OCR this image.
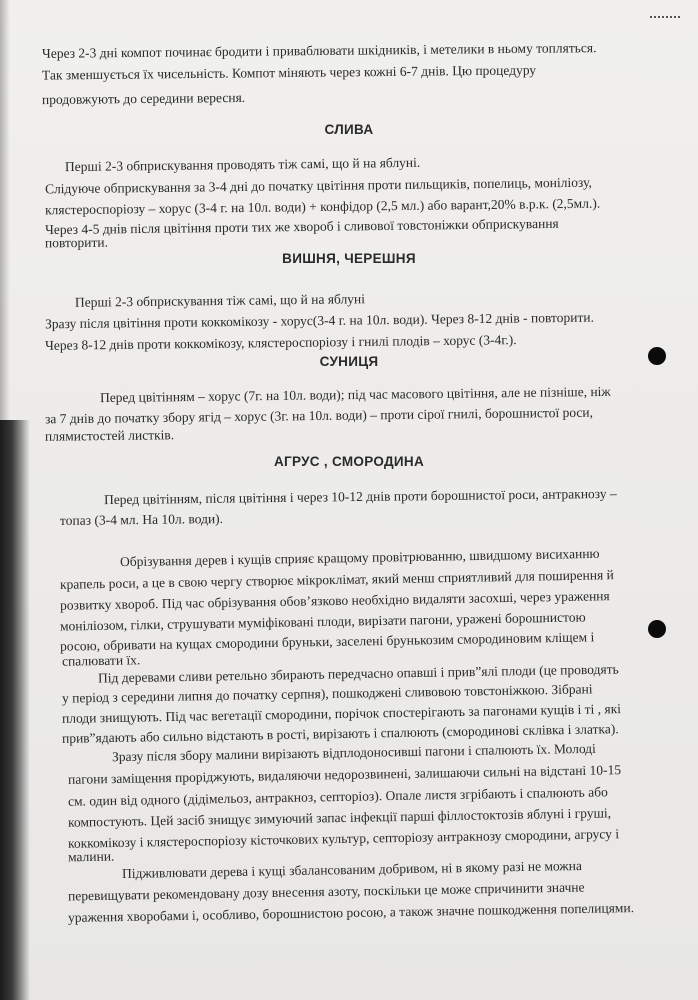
Через 2-3 дні компот починає бродити і приваблювати шкідників, і метелики в ньому топляться.
Так зменшується їх чисельність. Компот міняють через кожні 6-7 днів. Цю процедуру
продовжують до середини вересня.
СЛИВА
Перші 2-3 обприскування проводять тіж самі, що й на яблуні.
Слідуюче обприскування за 3-4 дні до початку цвітіння проти пильщиків, попелиць, моніліозу,
клястероспоріозу – хорус (3-4 г. на 10л. води) + конфідор (2,5 мл.) або варант,20% в.р.к. (2,5мл.).
Через 4-5 днів після цвітіння проти тих же хвороб і сливової товстоніжки обприскування
повторити.
ВИШНЯ, ЧЕРЕШНЯ
Перші 2-3 обприскування тіж самі, що й на яблуні
Зразу після цвітіння проти коккомікозу - хорус(3-4 г. на 10л. води). Через 8-12 днів - повторити.
Через 8-12 днів проти коккомікозу, клястероспоріозу і гнилі плодів – хорус (3-4г.).
СУНИЦЯ
Перед цвітінням – хорус (7г. на 10л. води); під час масового цвітіння, але не пізніше, ніж
за 7 днів до початку збору ягід – хорус (3г. на 10л. води) – проти сірої гнилі, борошнистої роси,
плямистостей листків.
АГРУС , СМОРОДИНА
Перед цвітінням, після цвітіння і через 10-12 днів проти борошнистої роси, антракнозу –
топаз (3-4 мл. На 10л. води).
Обрізування дерев і кущів сприяє кращому провітрюванню, швидшому висиханню
крапель роси, а це в свою чергу створює мікроклімат, який менш сприятливий для поширення й
розвитку хвороб. Під час обрізування обов’язково необхідно видаляти засохші, через ураження
моніліозом, гілки, струшувати муміфіковані плоди, вирізати пагони, уражені борошнистою
росою, обривати на кущах смородини бруньки, заселені брунькозим смородиновим кліщем і
спалювати їх.
Під деревами сливи ретельно збирають передчасно опавші і прив”ялі плоди (це проводять
у період з середини липня до початку серпня), пошкоджені сливовою товстоніжкою. Зібрані
плоди знищують. Під час вегетації смородини, порічок спостерігають за пагонами кущів і ті , які
прив”ядають або сильно відстають в рості, вирізають і спалюють (смородинові склівка і златка).
Зразу після збору малини вирізають відплодоносивші пагони і спалюють їх. Молоді
пагони заміщення проріджують, видаляючи недорозвинені, залишаючи сильні на відстані 10-15
см. один від одного (дідімельоз, антракноз, септоріоз). Опале листя згрібають і спалюють або
компостують. Цей засіб знищує зимуючий запас інфекції парші філлостоктозів яблуні і груші,
коккомікозу і клястероспоріозу кісточкових культур, септоріозу антракнозу смородини, агрусу і
малини.
Підживлювати дерева і кущі збалансованим добривом, ні в якому разі не можна
перевищувати рекомендовану дозу внесення азоту, поскільки це може спричинити значне
ураження хворобами і, особливо, борошнистою росою, а також значне пошкодження попелицями.
